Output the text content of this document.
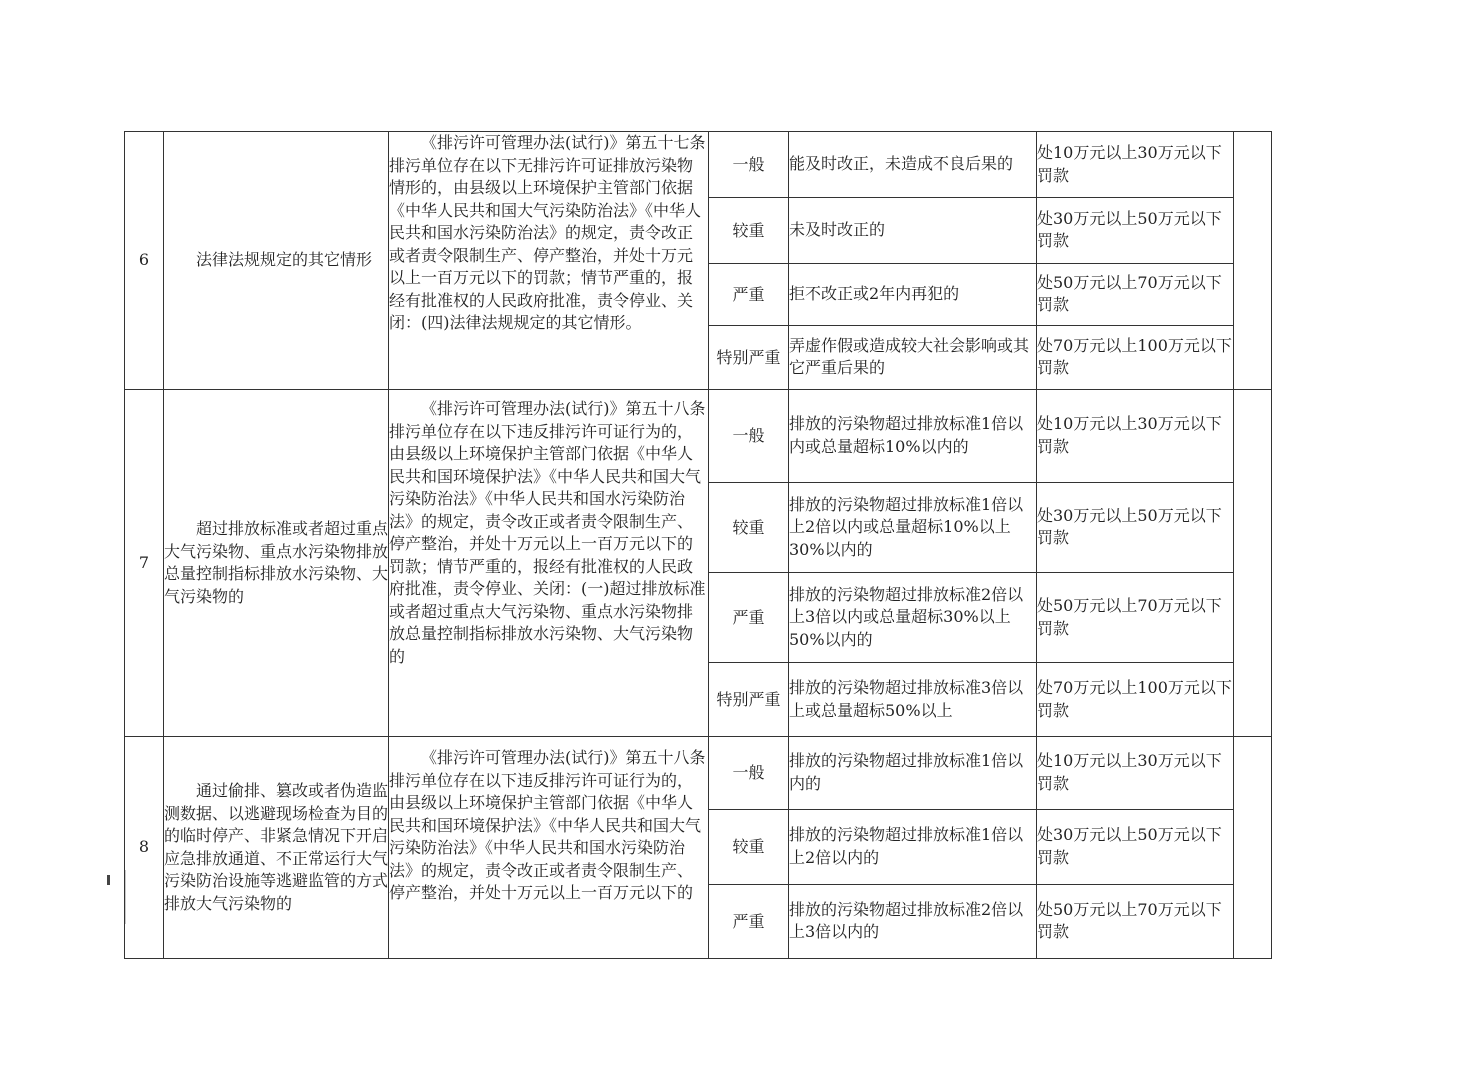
6	法律法规规定的其它情形	《排污许可管理办法(试行)》第五十七条　排污单位存在以下无排污许可证排放污染物情形的，由县级以上环境保护主管部门依据《中华人民共和国大气污染防治法》《中华人民共和国水污染防治法》的规定，责令改正或者责令限制生产、停产整治，并处十万元以上一百万元以下的罚款；情节严重的，报经有批准权的人民政府批准，责令停业、关闭：(四)法律法规规定的其它情形。	一般	能及时改正，未造成不良后果的	处10万元以上30万元以下罚款	
			较重	未及时改正的	处30万元以上50万元以下罚款	
			严重	拒不改正或2年内再犯的	处50万元以上70万元以下罚款	
			特别严重	弄虚作假或造成较大社会影响或其它严重后果的	处70万元以上100万元以下罚款	
7	超过排放标准或者超过重点大气污染物、重点水污染物排放总量控制指标排放水污染物、大气污染物的	《排污许可管理办法(试行)》第五十八条排污单位存在以下违反排污许可证行为的，由县级以上环境保护主管部门依据《中华人民共和国环境保护法》《中华人民共和国大气污染防治法》《中华人民共和国水污染防治法》的规定，责令改正或者责令限制生产、停产整治，并处十万元以上一百万元以下的罚款；情节严重的，报经有批准权的人民政府批准，责令停业、关闭：(一)超过排放标准或者超过重点大气污染物、重点水污染物排放总量控制指标排放水污染物、大气污染物的	一般	排放的污染物超过排放标准1倍以内或总量超标10%以内的	处10万元以上30万元以下罚款	
			较重	排放的污染物超过排放标准1倍以上2倍以内或总量超标10%以上30%以内的	处30万元以上50万元以下罚款	
			严重	排放的污染物超过排放标准2倍以上3倍以内或总量超标30%以上50%以内的	处50万元以上70万元以下罚款	
			特别严重	排放的污染物超过排放标准3倍以上或总量超标50%以上	处70万元以上100万元以下罚款	
8	通过偷排、篡改或者伪造监测数据、以逃避现场检查为目的的临时停产、非紧急情况下开启应急排放通道、不正常运行大气污染防治设施等逃避监管的方式排放大气污染物的	《排污许可管理办法(试行)》第五十八条排污单位存在以下违反排污许可证行为的，由县级以上环境保护主管部门依据《中华人民共和国环境保护法》《中华人民共和国大气污染防治法》《中华人民共和国水污染防治法》的规定，责令改正或者责令限制生产、停产整治，并处十万元以上一百万元以下的	一般	排放的污染物超过排放标准1倍以内的	处10万元以上30万元以下罚款	
			较重	排放的污染物超过排放标准1倍以上2倍以内的	处30万元以上50万元以下罚款	
			严重	排放的污染物超过排放标准2倍以上3倍以内的	处50万元以上70万元以下罚款	
